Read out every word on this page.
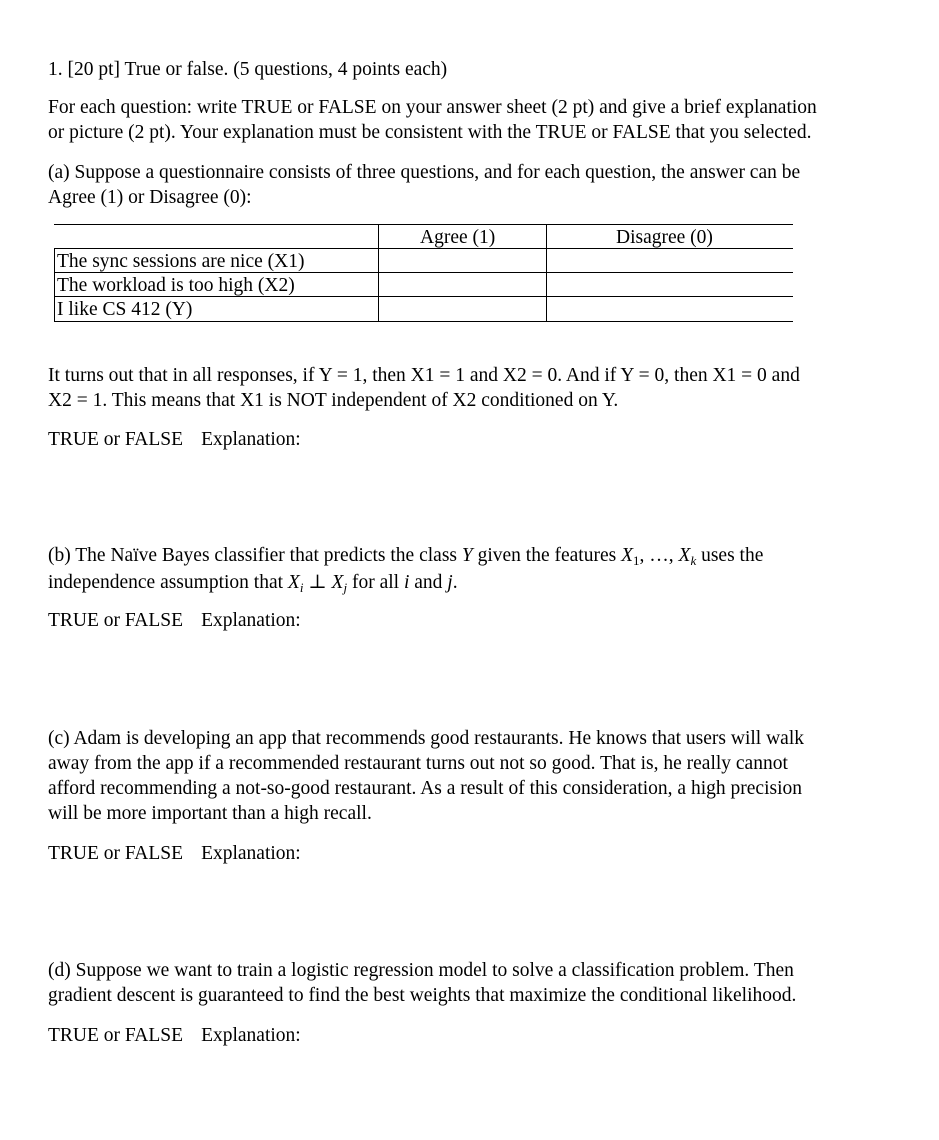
1. [20 pt] True or false. (5 questions, 4 points each)
For each question: write TRUE or FALSE on your answer sheet (2 pt) and give a brief explanation
or picture (2 pt). Your explanation must be consistent with the TRUE or FALSE that you selected.
(a) Suppose a questionnaire consists of three questions, and for each question, the answer can be
Agree (1) or Disagree (0):
Agree (1)	Disagree (0)
The sync sessions are nice (X1)
The workload is too high (X2)
I like CS 412 (Y)
It turns out that in all responses, if Y = 1, then X1 = 1 and X2 = 0. And if Y = 0, then X1 = 0 and
X2 = 1. This means that X1 is NOT independent of X2 conditioned on Y.
TRUE or FALSE Explanation:
(b) The Naïve Bayes classifier that predicts the class Y given the features $X_1$, …, $X_k$ uses the
independence assumption that $X_i$ ⊥ $X_j$ for all i and j.
TRUE or FALSE Explanation:
(c) Adam is developing an app that recommends good restaurants. He knows that users will walk
away from the app if a recommended restaurant turns out not so good. That is, he really cannot
afford recommending a not-so-good restaurant. As a result of this consideration, a high precision
will be more important than a high recall.
TRUE or FALSE Explanation:
(d) Suppose we want to train a logistic regression model to solve a classification problem. Then
gradient descent is guaranteed to find the best weights that maximize the conditional likelihood.
TRUE or FALSE Explanation:
